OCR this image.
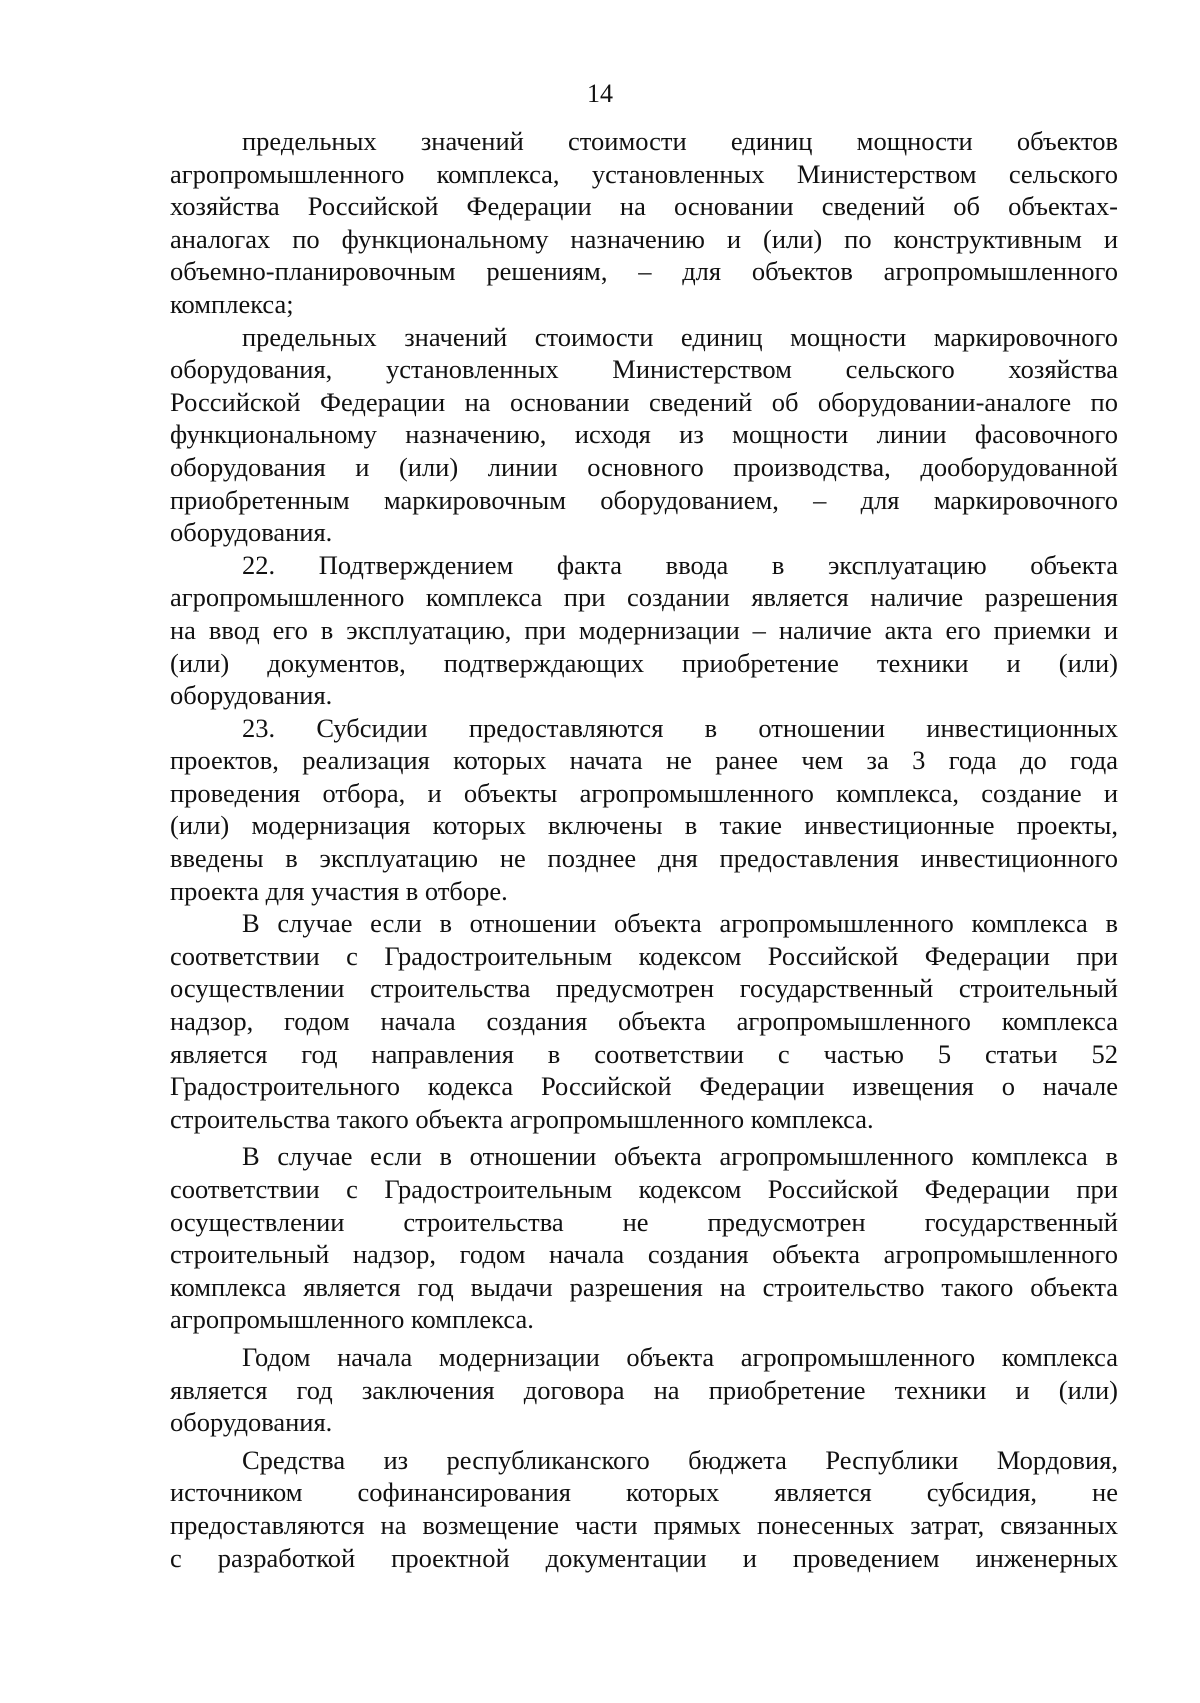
14
предельных значений стоимости единиц мощности объектов
агропромышленного комплекса, установленных Министерством сельского
хозяйства Российской Федерации на основании сведений об объектах-
аналогах по функциональному назначению и (или) по конструктивным и
объемно-планировочным решениям, – для объектов агропромышленного
комплекса;
предельных значений стоимости единиц мощности маркировочного
оборудования, установленных Министерством сельского хозяйства
Российской Федерации на основании сведений об оборудовании-аналоге по
функциональному назначению, исходя из мощности линии фасовочного
оборудования и (или) линии основного производства, дооборудованной
приобретенным маркировочным оборудованием, – для маркировочного
оборудования.
22. Подтверждением факта ввода в эксплуатацию объекта
агропромышленного комплекса при создании является наличие разрешения
на ввод его в эксплуатацию, при модернизации – наличие акта его приемки и
(или) документов, подтверждающих приобретение техники и (или)
оборудования.
23. Субсидии предоставляются в отношении инвестиционных
проектов, реализация которых начата не ранее чем за 3 года до года
проведения отбора, и объекты агропромышленного комплекса, создание и
(или) модернизация которых включены в такие инвестиционные проекты,
введены в эксплуатацию не позднее дня предоставления инвестиционного
проекта для участия в отборе.
В случае если в отношении объекта агропромышленного комплекса в
соответствии с Градостроительным кодексом Российской Федерации при
осуществлении строительства предусмотрен государственный строительный
надзор, годом начала создания объекта агропромышленного комплекса
является год направления в соответствии с частью 5 статьи 52
Градостроительного кодекса Российской Федерации извещения о начале
строительства такого объекта агропромышленного комплекса.
В случае если в отношении объекта агропромышленного комплекса в
соответствии с Градостроительным кодексом Российской Федерации при
осуществлении строительства не предусмотрен государственный
строительный надзор, годом начала создания объекта агропромышленного
комплекса является год выдачи разрешения на строительство такого объекта
агропромышленного комплекса.
Годом начала модернизации объекта агропромышленного комплекса
является год заключения договора на приобретение техники и (или)
оборудования.
Средства из республиканского бюджета Республики Мордовия,
источником софинансирования которых является субсидия, не
предоставляются на возмещение части прямых понесенных затрат, связанных
с разработкой проектной документации и проведением инженерных
